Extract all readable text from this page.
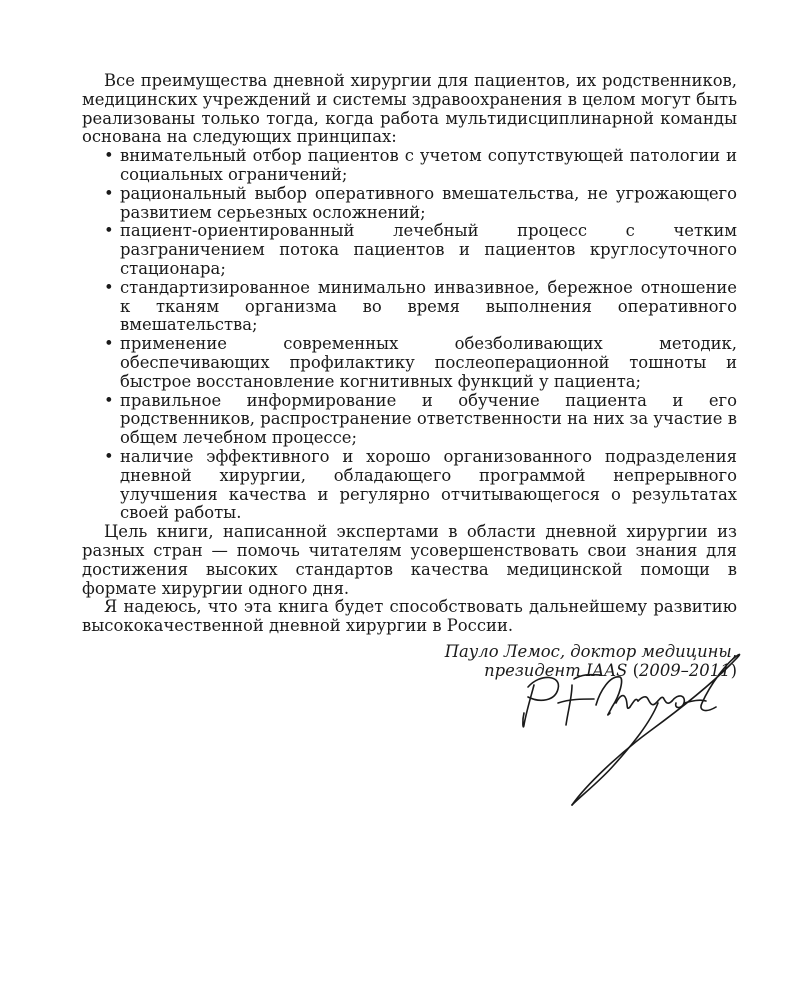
Все преимущества дневной хирургии для пациентов, их родственников, медицинских учреждений и системы здравоохранения в целом могут быть реализованы только тогда, когда работа мультидисциплинарной команды основана на следующих принципах:

• внимательный отбор пациентов с учетом сопутствующей патологии и социальных ограничений;
• рациональный выбор оперативного вмешательства, не угрожающего развитием серьезных осложнений;
• пациент-ориентированный лечебный процесс с четким разграничением потока пациентов и пациентов круглосуточного стационара;
• стандартизированное минимально инвазивное, бережное отношение к тканям организма во время выполнения оперативного вмешательства;
• применение современных обезболивающих методик, обеспечивающих профилактику послеоперационной тошноты и быстрое восстановление когнитивных функций у пациента;
• правильное информирование и обучение пациента и его родственников, распространение ответственности на них за участие в общем лечебном процессе;
• наличие эффективного и хорошо организованного подразделения дневной хирургии, обладающего программой непрерывного улучшения качества и регулярно отчитывающегося о результатах своей работы.

Цель книги, написанной экспертами в области дневной хирургии из разных стран — помочь читателям усовершенствовать свои знания для достижения высоких стандартов качества медицинской помощи в формате хирургии одного дня.

Я надеюсь, что эта книга будет способствовать дальнейшему развитию высококачественной дневной хирургии в России.

Пауло Лемос, доктор медицины,
президент IAAS (2009–2011)
